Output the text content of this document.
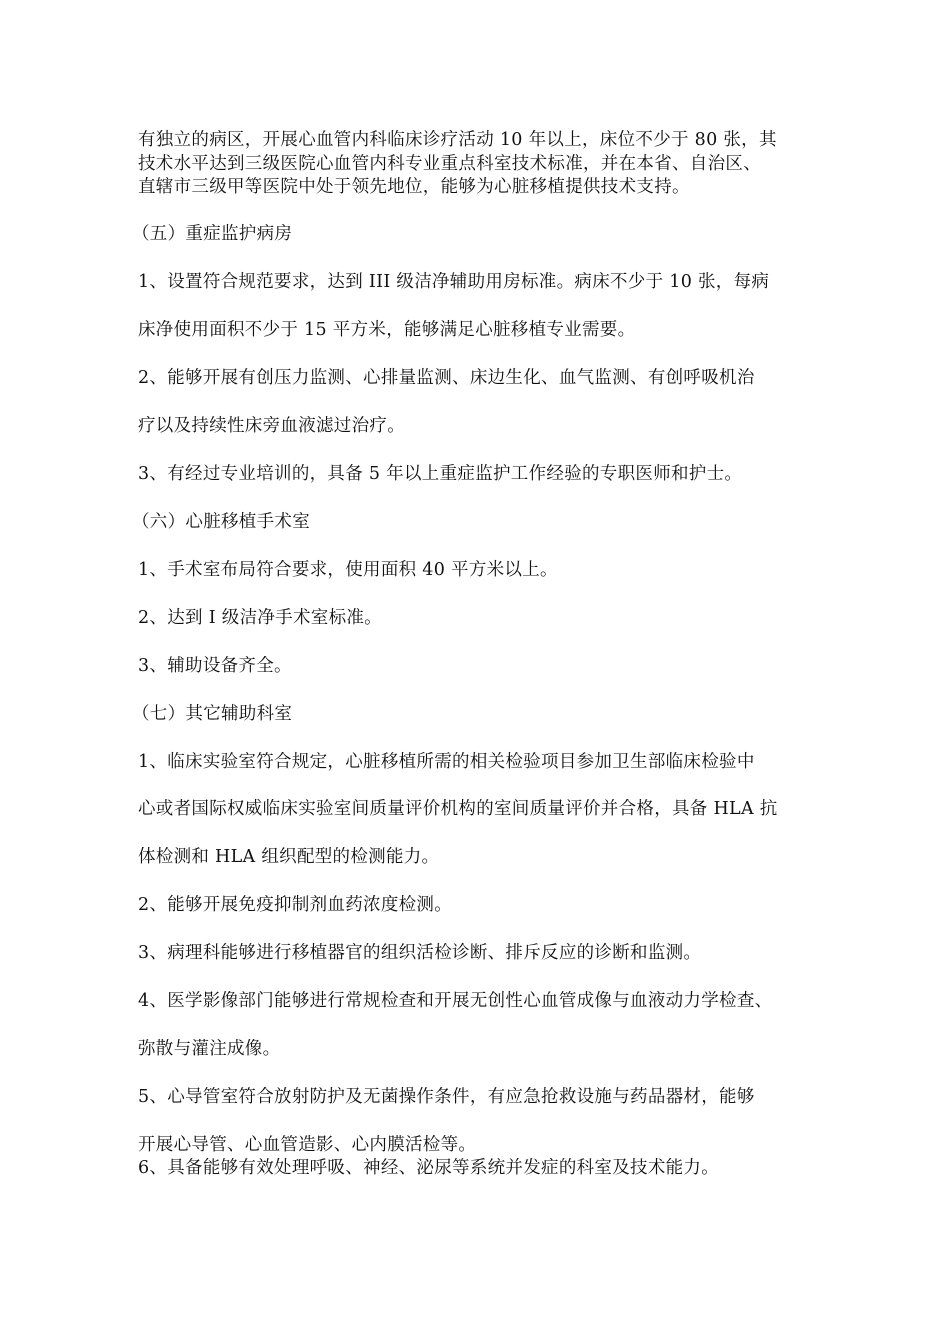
有独立的病区，开展心血管内科临床诊疗活动 10 年以上，床位不少于 80 张，其
技术水平达到三级医院心血管内科专业重点科室技术标准，并在本省、自治区、
直辖市三级甲等医院中处于领先地位，能够为心脏移植提供技术支持。
（五）重症监护病房
1、设置符合规范要求，达到 III 级洁净辅助用房标准。病床不少于 10 张，每病
床净使用面积不少于 15 平方米，能够满足心脏移植专业需要。
2、能够开展有创压力监测、心排量监测、床边生化、血气监测、有创呼吸机治
疗以及持续性床旁血液滤过治疗。
3、有经过专业培训的，具备 5 年以上重症监护工作经验的专职医师和护士。
（六）心脏移植手术室
1、手术室布局符合要求，使用面积 40 平方米以上。
2、达到 I 级洁净手术室标准。
3、辅助设备齐全。
（七）其它辅助科室
1、临床实验室符合规定，心脏移植所需的相关检验项目参加卫生部临床检验中
心或者国际权威临床实验室间质量评价机构的室间质量评价并合格，具备 HLA 抗
体检测和 HLA 组织配型的检测能力。
2、能够开展免疫抑制剂血药浓度检测。
3、病理科能够进行移植器官的组织活检诊断、排斥反应的诊断和监测。
4、医学影像部门能够进行常规检查和开展无创性心血管成像与血液动力学检查、
弥散与灌注成像。
5、心导管室符合放射防护及无菌操作条件，有应急抢救设施与药品器材，能够
开展心导管、心血管造影、心内膜活检等。
6、具备能够有效处理呼吸、神经、泌尿等系统并发症的科室及技术能力。
